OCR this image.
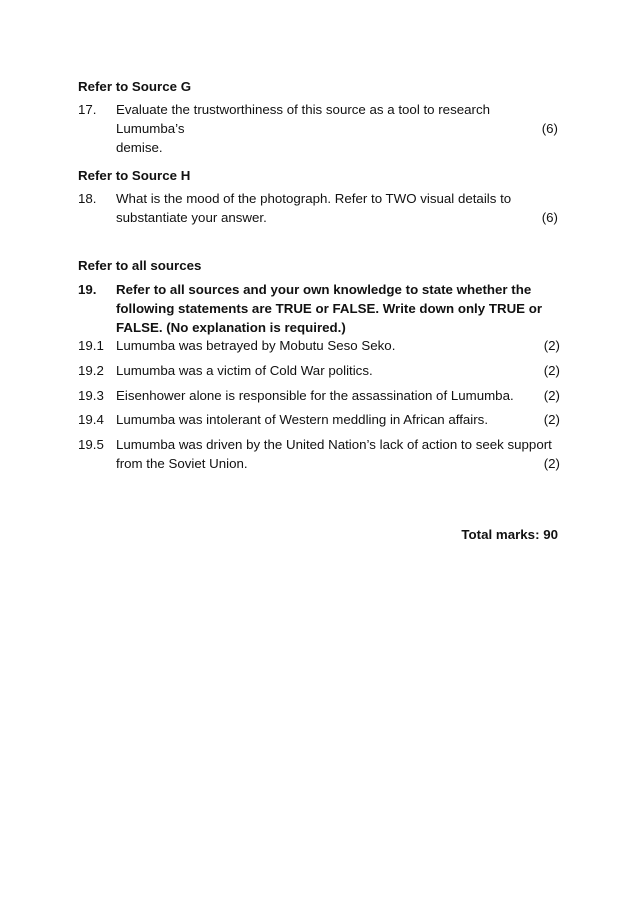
Refer to Source G
17.	Evaluate the trustworthiness of this source as a tool to research Lumumba’s
demise.
(6)
Refer to Source H
18.	What is the mood of the photograph. Refer to TWO visual details to
substantiate your answer.	(6)
Refer to all sources
19.	Refer to all sources and your own knowledge to state whether the
following statements are TRUE or FALSE. Write down only TRUE or
FALSE. (No explanation is required.)
19.1 Lumumba was betrayed by Mobutu Seso Seko.	(2)
19.2 Lumumba was a victim of Cold War politics.	(2)
19.3 Eisenhower alone is responsible for the assassination of Lumumba.	(2)
19.4 Lumumba was intolerant of Western meddling in African affairs.	(2)
19.5 Lumumba was driven by the United Nation’s lack of action to seek support
from the Soviet Union.	(2)
Total marks: 90
